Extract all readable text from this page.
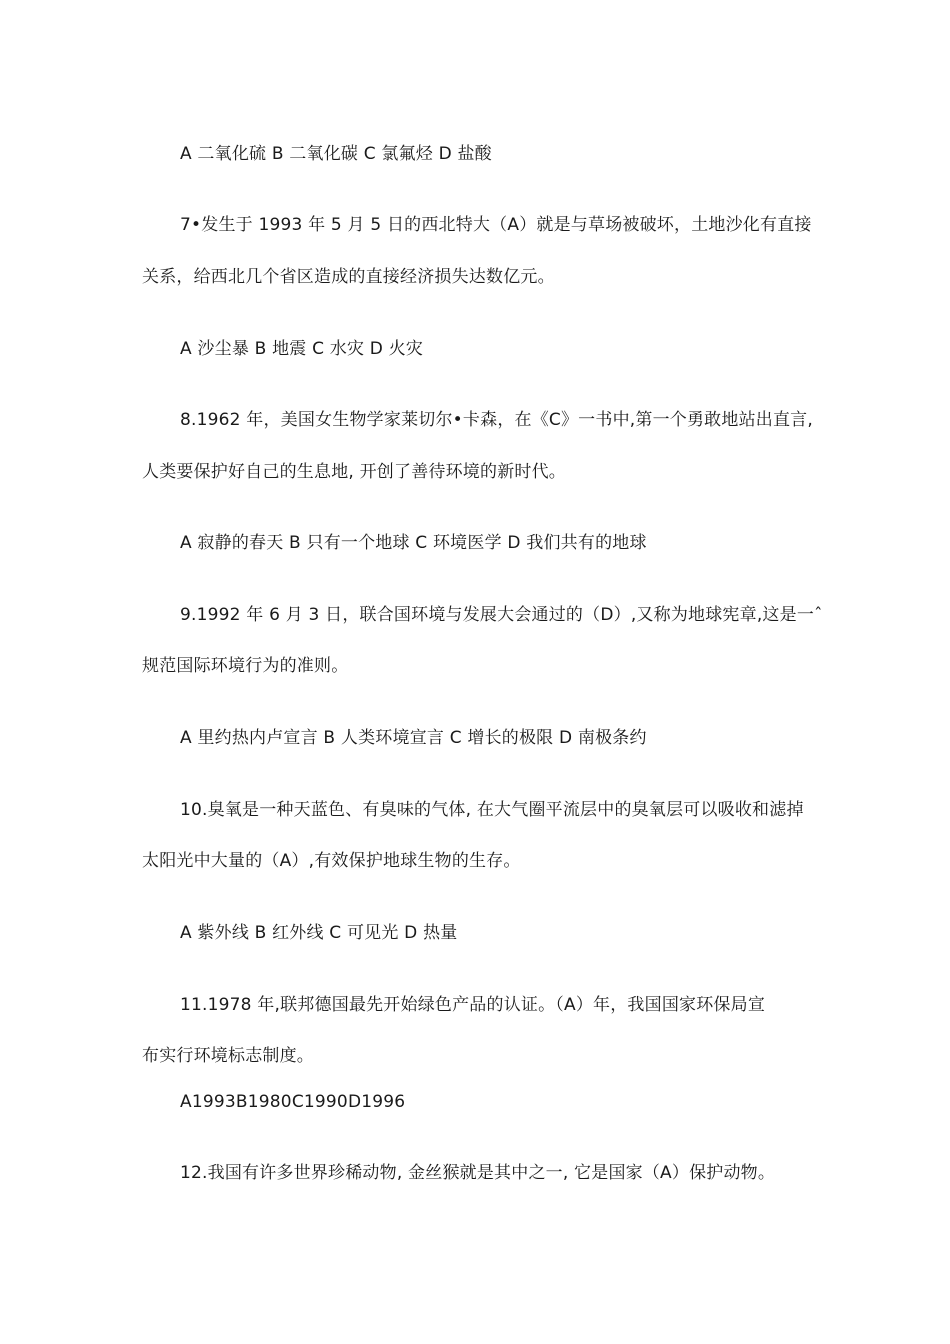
A 二氧化硫 B 二氧化碳 C 氯氟烃 D 盐酸
7•发生于 1993 年 5 月 5 日的西北特大（A）就是与草场被破坏，土地沙化有直接
关系，给西北几个省区造成的直接经济损失达数亿元。
A 沙尘暴 B 地震 C 水灾 D 火灾
8.1962 年，美国女生物学家莱切尔•卡森，在《C》一书中,第一个勇敢地站出直言,
人类要保护好自己的生息地, 开创了善待环境的新时代。
A 寂静的春天 B 只有一个地球 C 环境医学 D 我们共有的地球
9.1992 年 6 月 3 日，联合国环境与发展大会通过的（D）,又称为地球宪章,这是一ˆ
规范国际环境行为的准则。
A 里约热内卢宣言 B 人类环境宣言 C 增长的极限 D 南极条约
10.臭氧是一种天蓝色、有臭味的气体, 在大气圈平流层中的臭氧层可以吸收和滤掉
太阳光中大量的（A）,有效保护地球生物的生存。
A 紫外线 B 红外线 C 可见光 D 热量
11.1978 年,联邦德国最先开始绿色产品的认证。（A）年，我国国家环保局宣
布实行环境标志制度。
A1993B1980C1990D1996
12.我国有许多世界珍稀动物, 金丝猴就是其中之一, 它是国家（A）保护动物。
